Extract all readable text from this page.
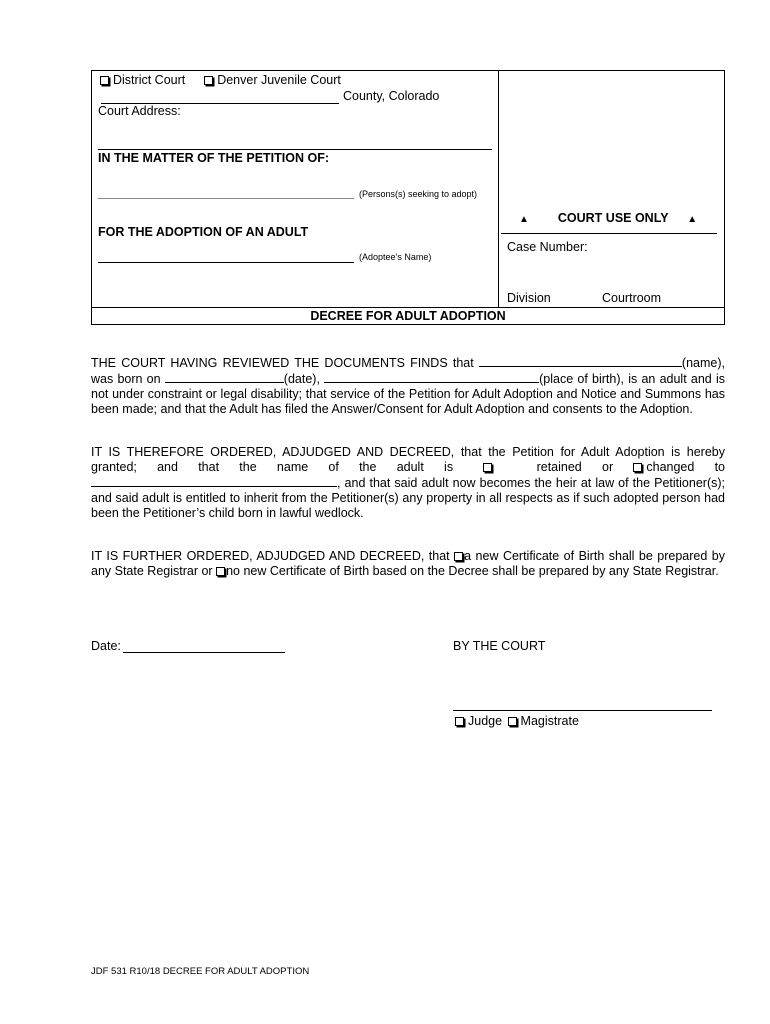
District Court	Denver Juvenile Court
County, Colorado
Court Address:
IN THE MATTER OF THE PETITION OF:
(Persons(s) seeking to adopt)
FOR THE ADOPTION OF AN ADULT
(Adoptee’s Name)
▲ COURT USE ONLY ▲
Case Number:
Division	Courtroom
DECREE FOR ADULT ADOPTION
THE COURT HAVING REVIEWED THE DOCUMENTS FINDS that	(name), was born on	(date),	(place of birth), is an adult and is not under constraint or legal disability; that service of the Petition for Adult Adoption and Notice and Summons has been made; and that the Adult has filed the Answer/Consent for Adult Adoption and consents to the Adoption.
IT IS THEREFORE ORDERED, ADJUDGED AND DECREED, that the Petition for Adult Adoption is hereby granted; and that the name of the adult is	retained or changed to , and that said adult now becomes the heir at law of the Petitioner(s); and said adult is entitled to inherit from the Petitioner(s) any property in all respects as if such adopted person had been the Petitioner’s child born in lawful wedlock.
IT IS FURTHER ORDERED, ADJUDGED AND DECREED, that a new Certificate of Birth shall be prepared by any State Registrar or no new Certificate of Birth based on the Decree shall be prepared by any State Registrar.
Date:	BY THE COURT
Judge Magistrate
JDF 531 R10/18 DECREE FOR ADULT ADOPTION
